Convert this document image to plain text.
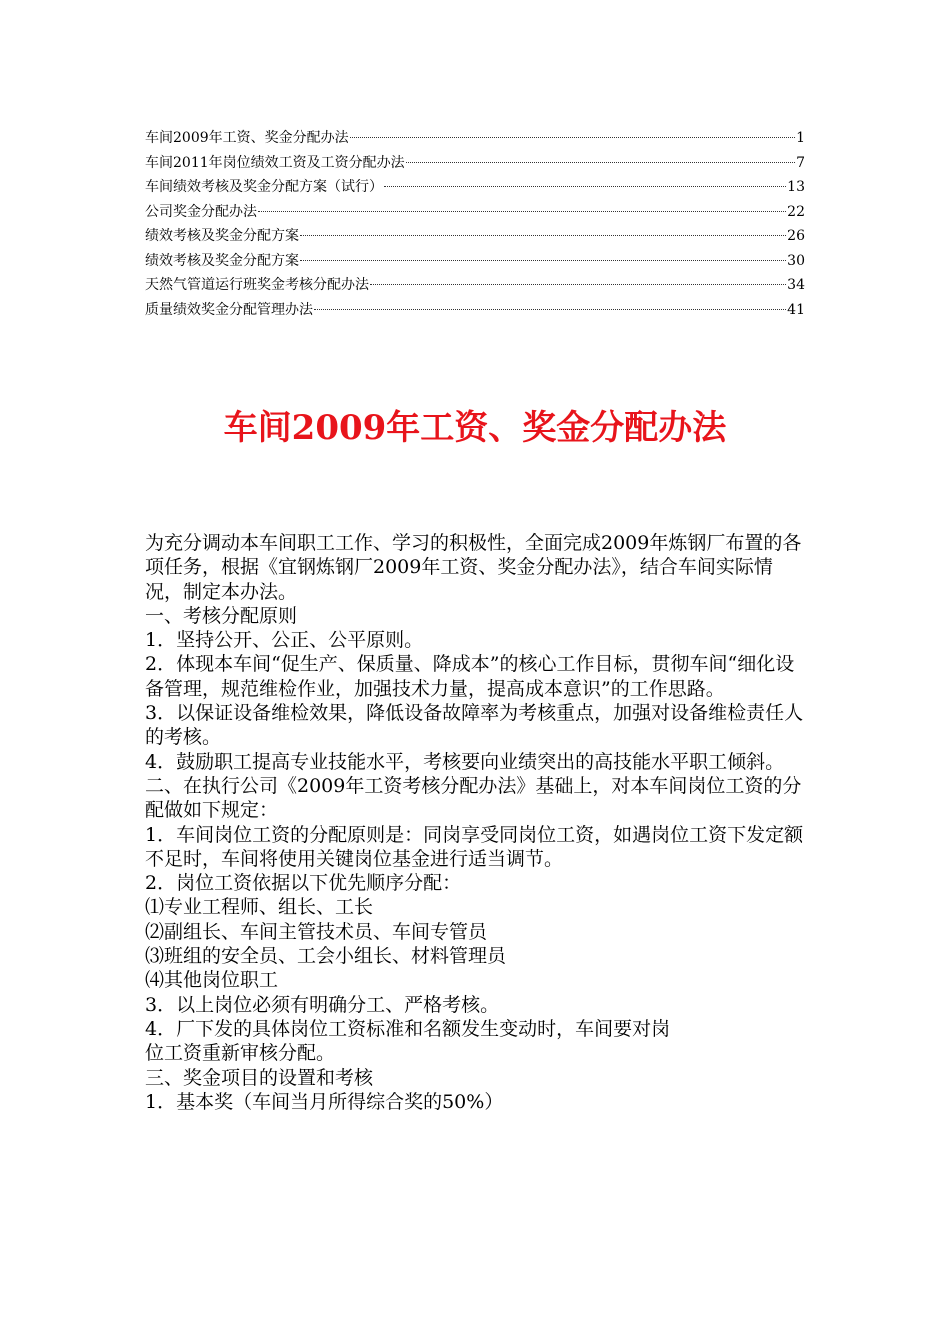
车间2009年工资、奖金分配办法	1
车间2011年岗位绩效工资及工资分配办法	7
车间绩效考核及奖金分配方案（试行）	13
公司奖金分配办法	22
绩效考核及奖金分配方案	26
绩效考核及奖金分配方案	30
天然气管道运行班奖金考核分配办法	34
质量绩效奖金分配管理办法	41
车间2009年工资、奖金分配办法

为充分调动本车间职工工作、学习的积极性，全面完成2009年炼钢厂布置的各项任务，根据《宜钢炼钢厂2009年工资、奖金分配办法》，结合车间实际情况，制定本办法。

一、考核分配原则

1．坚持公开、公正、公平原则。

2．体现本车间“促生产、保质量、降成本”的核心工作目标，贯彻车间“细化设备管理，规范维检作业，加强技术力量，提高成本意识”的工作思路。

3．以保证设备维检效果，降低设备故障率为考核重点，加强对设备维检责任人的考核。

4．鼓励职工提高专业技能水平，考核要向业绩突出的高技能水平职工倾斜。

二、在执行公司《2009年工资考核分配办法》基础上，对本车间岗位工资的分配做如下规定：

1．车间岗位工资的分配原则是：同岗享受同岗位工资，如遇岗位工资下发定额不足时，车间将使用关键岗位基金进行适当调节。

2．岗位工资依据以下优先顺序分配：

⑴专业工程师、组长、工长

⑵副组长、车间主管技术员、车间专管员

⑶班组的安全员、工会小组长、材料管理员

⑷其他岗位职工

3．以上岗位必须有明确分工、严格考核。

4．厂下发的具体岗位工资标准和名额发生变动时，车间要对岗

位工资重新审核分配。

三、奖金项目的设置和考核

1．基本奖（车间当月所得综合奖的50%）
